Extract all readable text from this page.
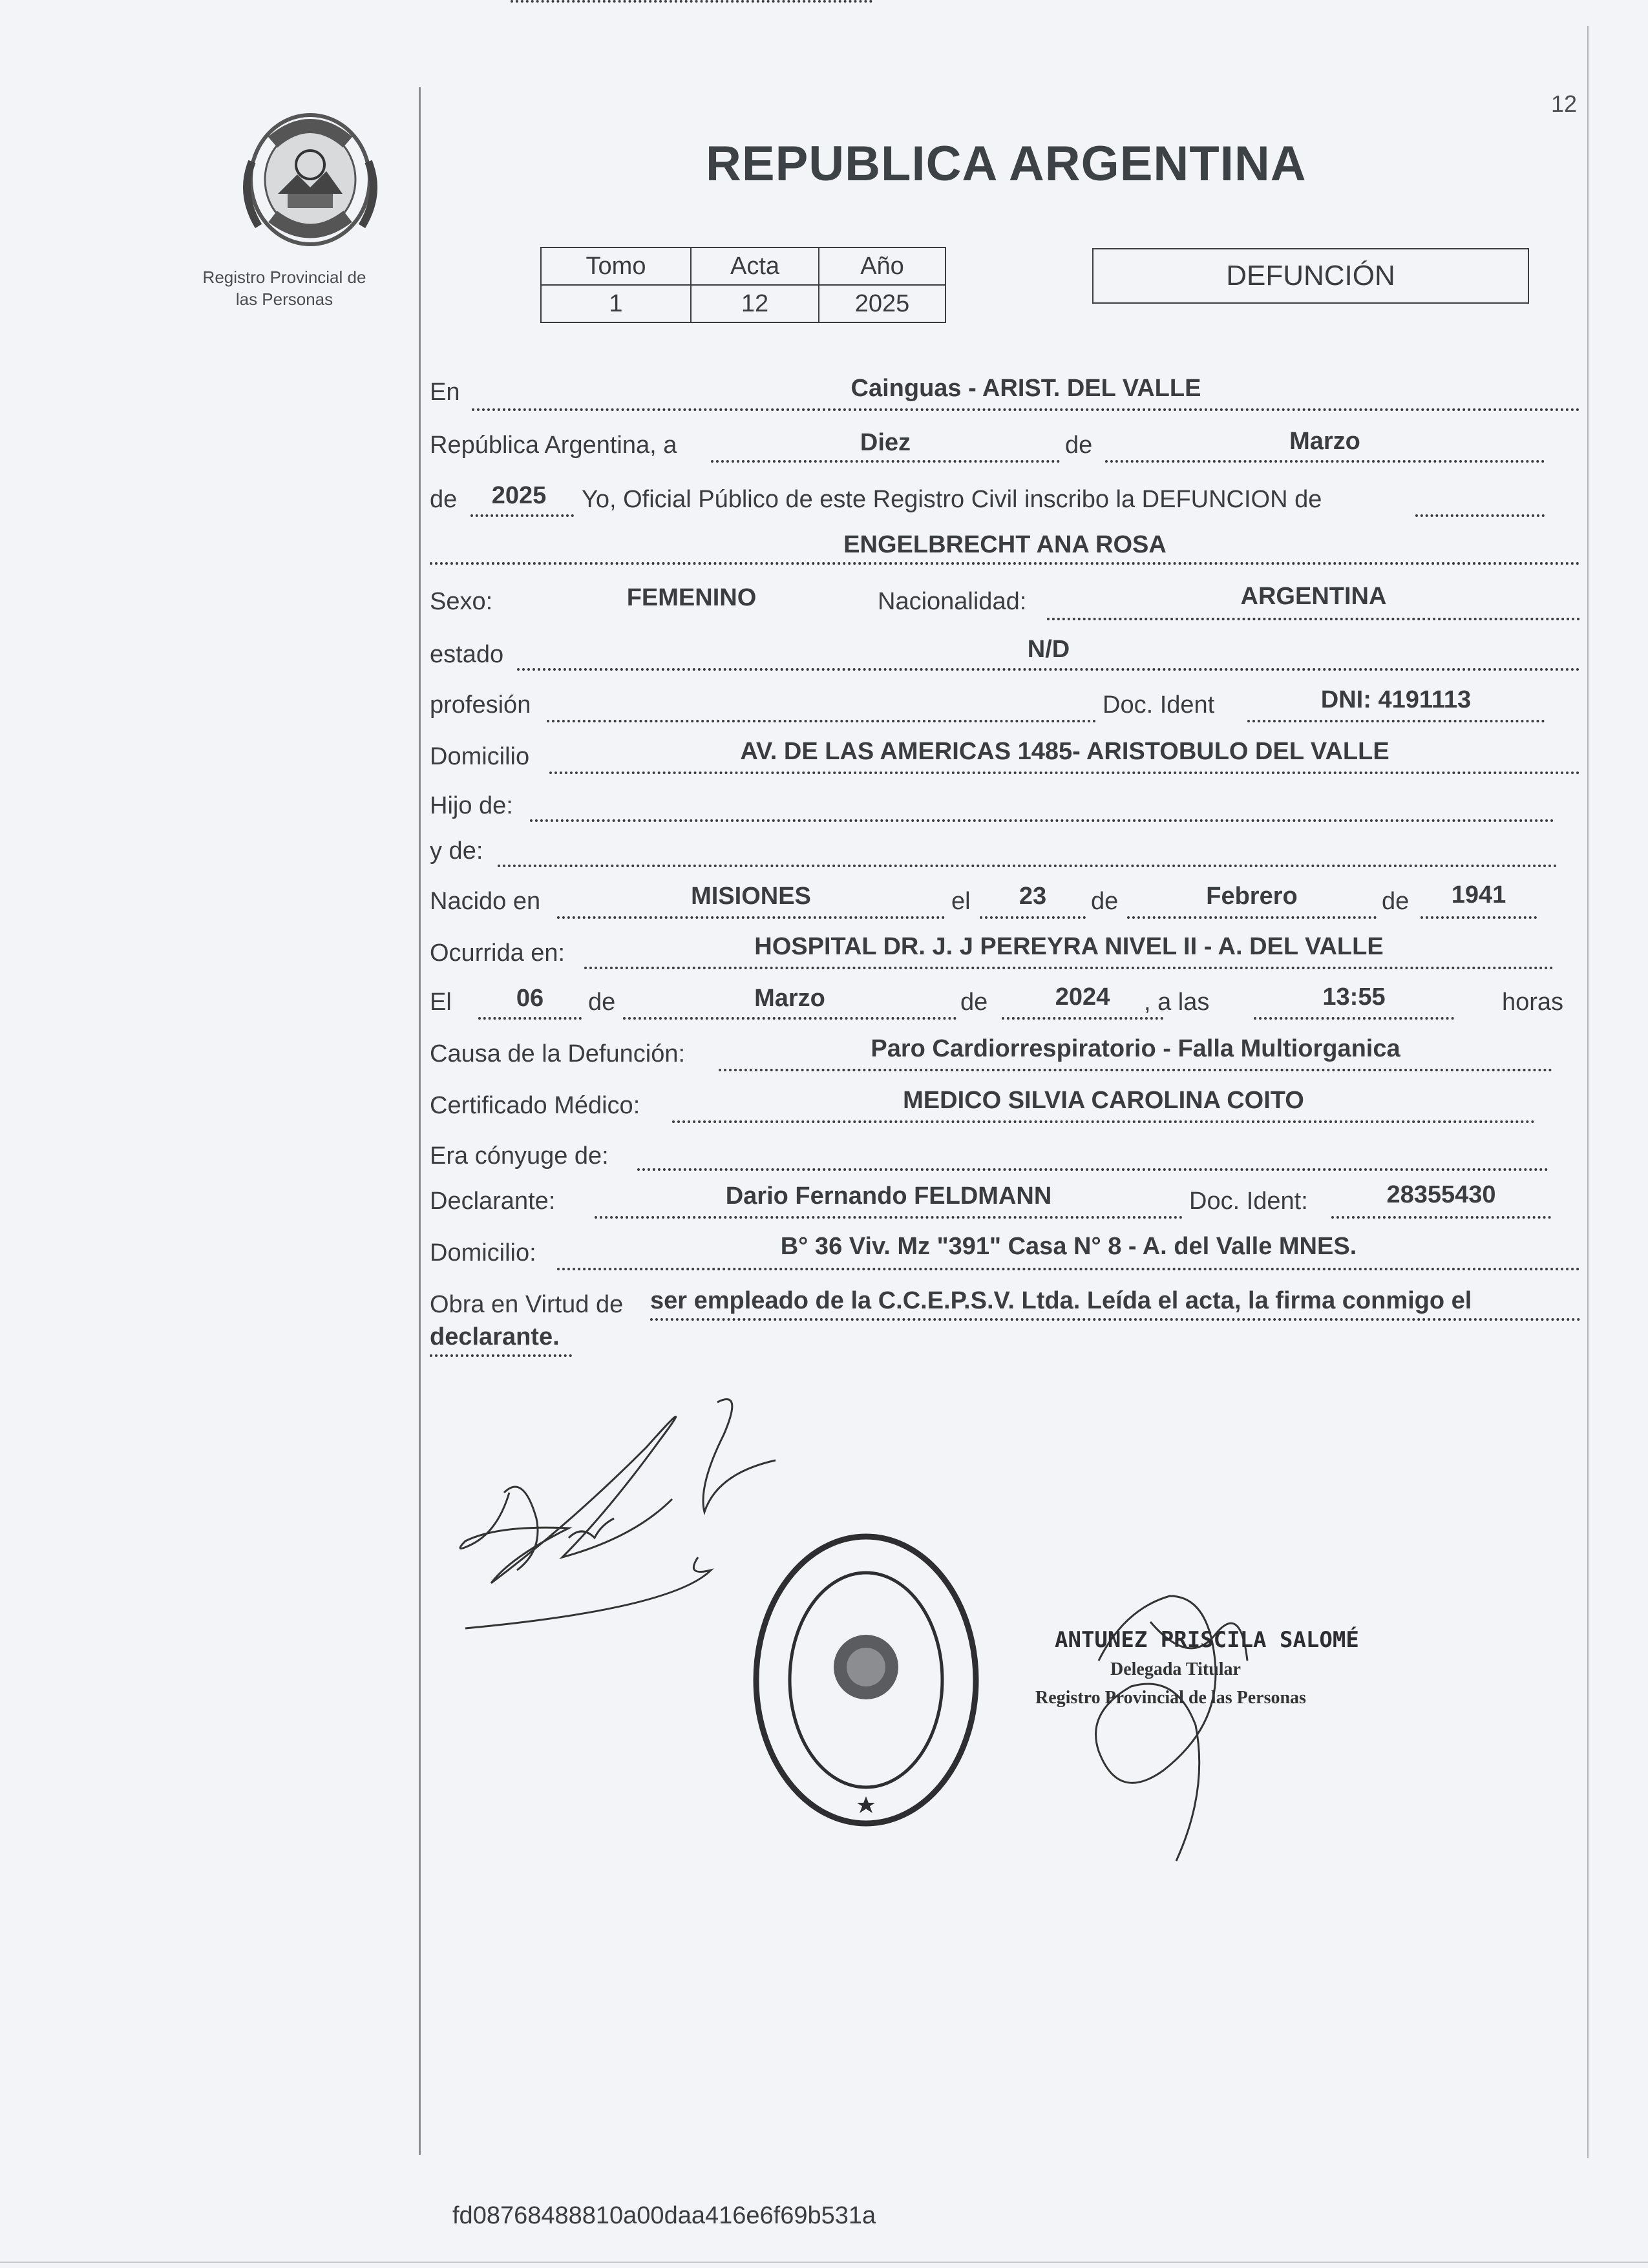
12
Registro Provincial de
las Personas
REPUBLICA ARGENTINA
Tomo	Acta	Año
1	12	2025
DEFUNCIÓN
En	Cainguas - ARIST. DEL VALLE
República Argentina, a	Diez	de	Marzo
de	2025	Yo, Oficial Público de este Registro Civil inscribo la DEFUNCION de
ENGELBRECHT ANA ROSA
Sexo:	FEMENINO	Nacionalidad:	ARGENTINA
estado	N/D
profesión	Doc. Ident	DNI: 4191113
Domicilio	AV. DE LAS AMERICAS 1485- ARISTOBULO DEL VALLE
Hijo de:
y de:
Nacido en	MISIONES	el	23	de	Febrero	de	1941
Ocurrida en:	HOSPITAL DR. J. J PEREYRA NIVEL II - A. DEL VALLE
El	06	de	Marzo	de	2024	, a las	13:55	horas
Causa de la Defunción:	Paro Cardiorrespiratorio - Falla Multiorganica
Certificado Médico:	MEDICO SILVIA CAROLINA COITO
Era cónyuge de:
Declarante:	Dario Fernando FELDMANN	Doc. Ident:	28355430
Domicilio:	B° 36 Viv. Mz "391" Casa N° 8 - A. del Valle MNES.
Obra en Virtud de ser empleado de la C.C.E.P.S.V. Ltda. Leída el acta, la firma conmigo el
declarante.
ANTUNEZ PRISCILA SALOMÉ
Delegada Titular
Registro Provincial de las Personas
fd08768488810a00daa416e6f69b531a
